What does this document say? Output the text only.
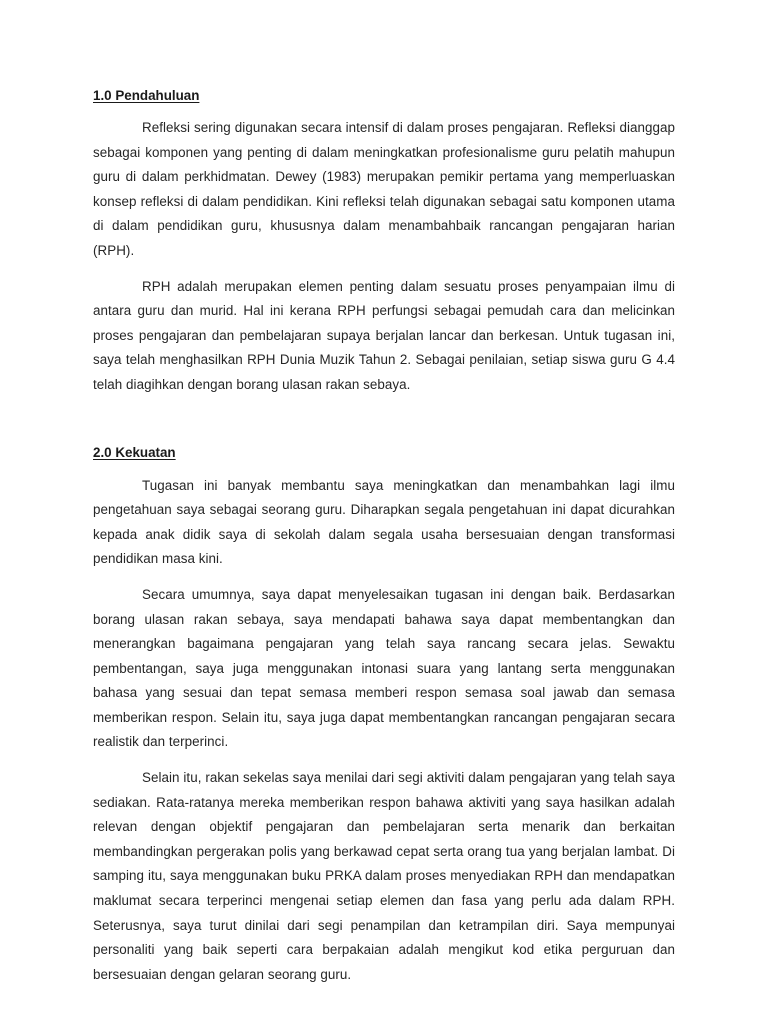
1.0 Pendahuluan

Refleksi sering digunakan secara intensif di dalam proses pengajaran. Refleksi dianggap sebagai komponen yang penting di dalam meningkatkan profesionalisme guru pelatih mahupun guru di dalam perkhidmatan. Dewey (1983) merupakan pemikir pertama yang memperluaskan konsep refleksi di dalam pendidikan. Kini refleksi telah digunakan sebagai satu komponen utama di dalam pendidikan guru, khususnya dalam menambahbaik rancangan pengajaran harian (RPH).

RPH adalah merupakan elemen penting dalam sesuatu proses penyampaian ilmu di antara guru dan murid. Hal ini kerana RPH perfungsi sebagai pemudah cara dan melicinkan proses pengajaran dan pembelajaran supaya berjalan lancar dan berkesan. Untuk tugasan ini, saya telah menghasilkan RPH Dunia Muzik Tahun 2. Sebagai penilaian, setiap siswa guru G 4.4 telah diagihkan dengan borang ulasan rakan sebaya.

2.0 Kekuatan

Tugasan ini banyak membantu saya meningkatkan dan menambahkan lagi ilmu pengetahuan saya sebagai seorang guru. Diharapkan segala pengetahuan ini dapat dicurahkan kepada anak didik saya di sekolah dalam segala usaha bersesuaian dengan transformasi pendidikan masa kini.

Secara umumnya, saya dapat menyelesaikan tugasan ini dengan baik. Berdasarkan borang ulasan rakan sebaya, saya mendapati bahawa saya dapat membentangkan dan menerangkan bagaimana pengajaran yang telah saya rancang secara jelas. Sewaktu pembentangan, saya juga menggunakan intonasi suara yang lantang serta menggunakan bahasa yang sesuai dan tepat semasa memberi respon semasa soal jawab dan semasa memberikan respon. Selain itu, saya juga dapat membentangkan rancangan pengajaran secara realistik dan terperinci.

Selain itu, rakan sekelas saya menilai dari segi aktiviti dalam pengajaran yang telah saya sediakan. Rata-ratanya mereka memberikan respon bahawa aktiviti yang saya hasilkan adalah relevan dengan objektif pengajaran dan pembelajaran serta menarik dan berkaitan membandingkan pergerakan polis yang berkawad cepat serta orang tua yang berjalan lambat. Di samping itu, saya menggunakan buku PRKA dalam proses menyediakan RPH dan mendapatkan maklumat secara terperinci mengenai setiap elemen dan fasa yang perlu ada dalam RPH. Seterusnya, saya turut dinilai dari segi penampilan dan ketrampilan diri. Saya mempunyai personaliti yang baik seperti cara berpakaian adalah mengikut kod etika perguruan dan bersesuaian dengan gelaran seorang guru.
